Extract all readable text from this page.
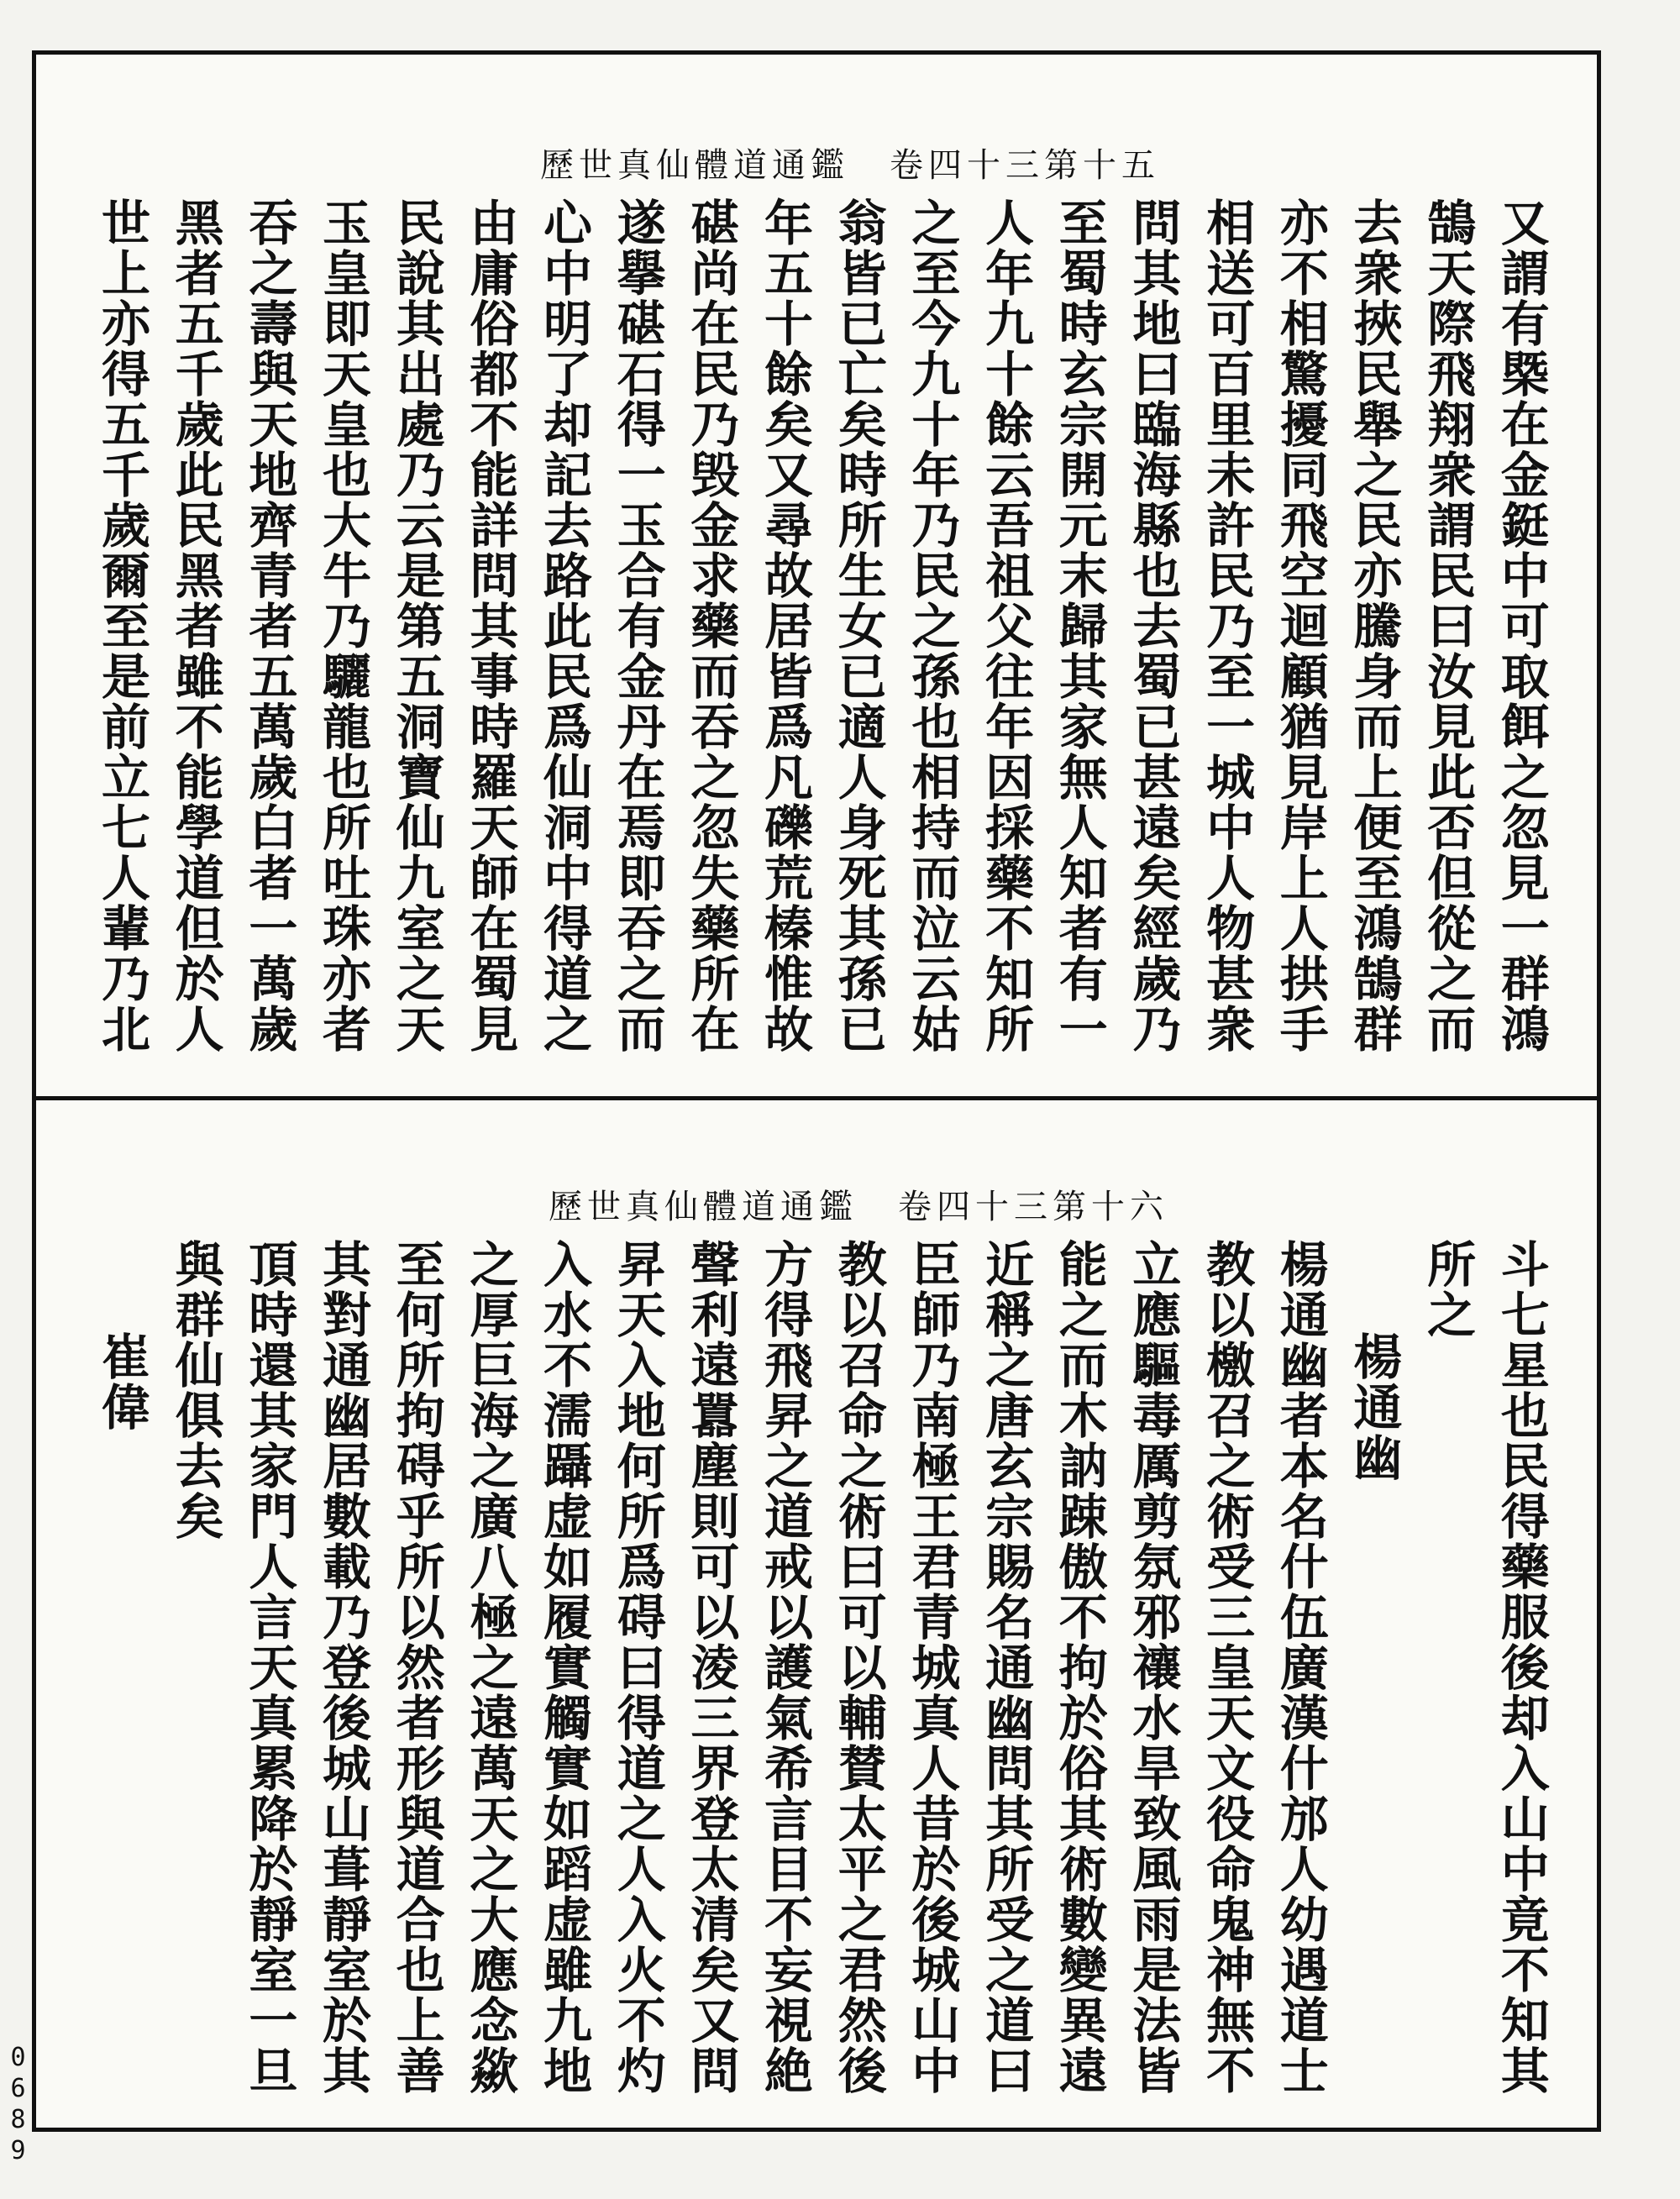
歷世真仙體道通鑑 卷四十三第十五
又謂有槩在金鋌中可取餌之忽見一群鴻
鵠天際飛翔衆謂民曰汝見此否但從之而
去衆挾民舉之民亦騰身而上便至鴻鵠群
亦不相驚擾同飛空迴顧猶見岸上人拱手
相送可百里未許民乃至一城中人物甚衆
問其地曰臨海縣也去蜀已甚遠矣經歲乃
至蜀時玄宗開元末歸其家無人知者有一
人年九十餘云吾祖父往年因採藥不知所
之至今九十年乃民之孫也相持而泣云姑
翁皆已亡矣時所生女已適人身死其孫已
年五十餘矣又尋故居皆爲凡礫荒榛惟故
碪尚在民乃毁金求藥而吞之忽失藥所在
遂擧碪石得一玉合有金丹在焉即吞之而
心中明了却記去路此民爲仙洞中得道之
由庸俗都不能詳問其事時羅天師在蜀見
民說其出處乃云是第五洞寶仙九室之天
玉皇即天皇也大牛乃驪龍也所吐珠亦者
吞之壽與天地齊青者五萬歲白者一萬歲
黑者五千歲此民黑者雖不能學道但於人
世上亦得五千歲爾至是前立七人輩乃北
歷世真仙體道通鑑 卷四十三第十六
斗七星也民得藥服後却入山中竟不知其
所之
楊通幽
楊通幽者本名什伍廣漢什邡人幼遇道士
教以檄召之術受三皇天文役命鬼神無不
立應驅毒厲剪氛邪禳水旱致風雨是法皆
能之而木訥踈傲不拘於俗其術數變異遠
近稱之唐玄宗賜名通幽問其所受之道曰
臣師乃南極王君青城真人昔於後城山中
教以召命之術曰可以輔賛太平之君然後
方得飛昇之道戒以護氣希言目不妄視絶
聲利遠囂塵則可以淩三界登太清矣又問
昇天入地何所爲碍曰得道之人入火不灼
入水不濡躡虚如履實觸實如蹈虚雖九地
之厚巨海之廣八極之遠萬天之大應念歘
至何所拘碍乎所以然者形與道合也上善
其對通幽居數載乃登後城山葺靜室於其
頂時還其家門人言天真累降於靜室一旦
與群仙俱去矣
崔偉
0689
